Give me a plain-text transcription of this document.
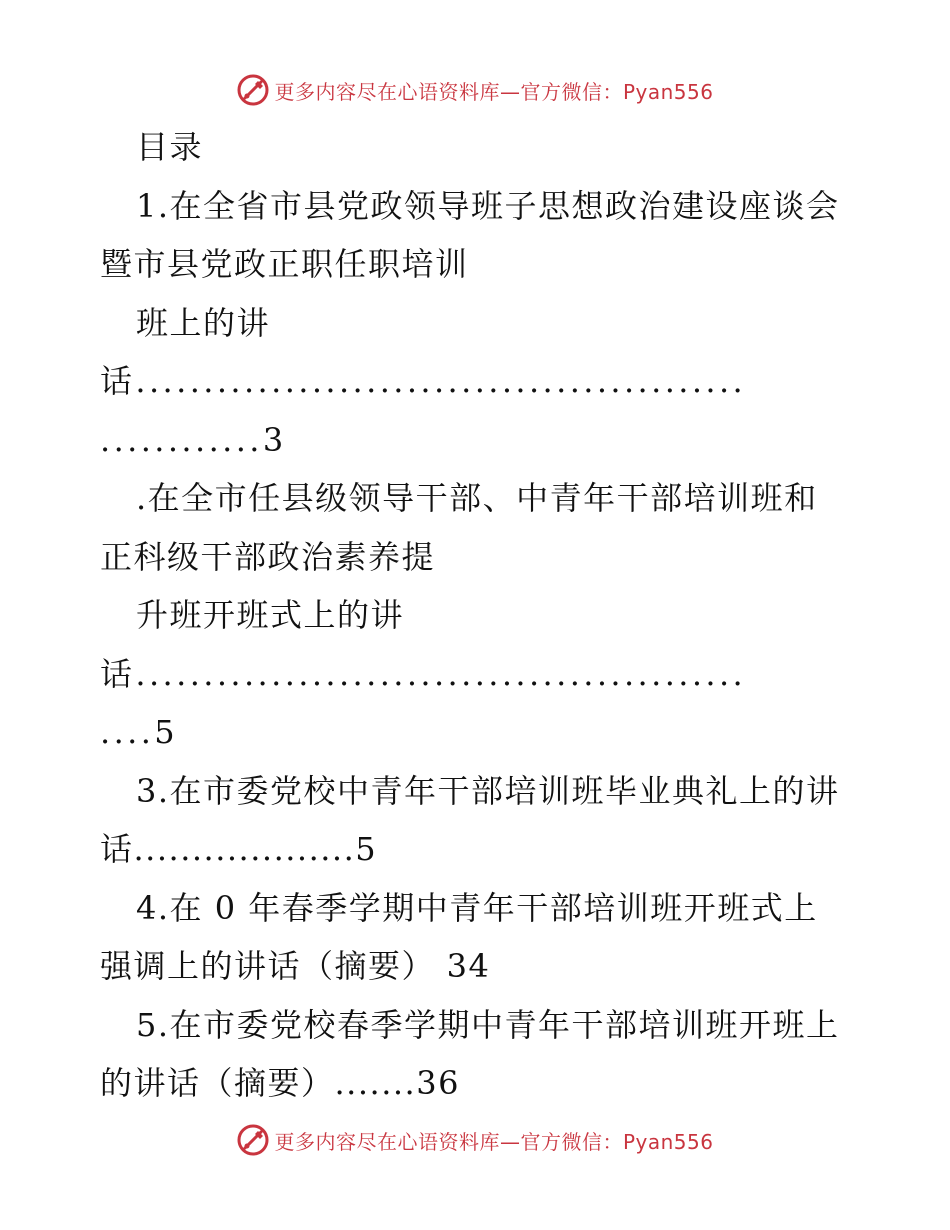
更多内容尽在心语资料库—官方微信：Pyan556
目录
1.在全省市县党政领导班子思想政治建设座谈会
暨市县党政正职任职培训
班上的讲
话.............................................
............3
.在全市任县级领导干部、中青年干部培训班和
正科级干部政治素养提
升班开班式上的讲
话.............................................
....5
3.在市委党校中青年干部培训班毕业典礼上的讲
话...................5
4.在 0 年春季学期中青年干部培训班开班式上
强调上的讲话（摘要） 34
5.在市委党校春季学期中青年干部培训班开班上
的讲话（摘要）.......36
更多内容尽在心语资料库—官方微信：Pyan556
